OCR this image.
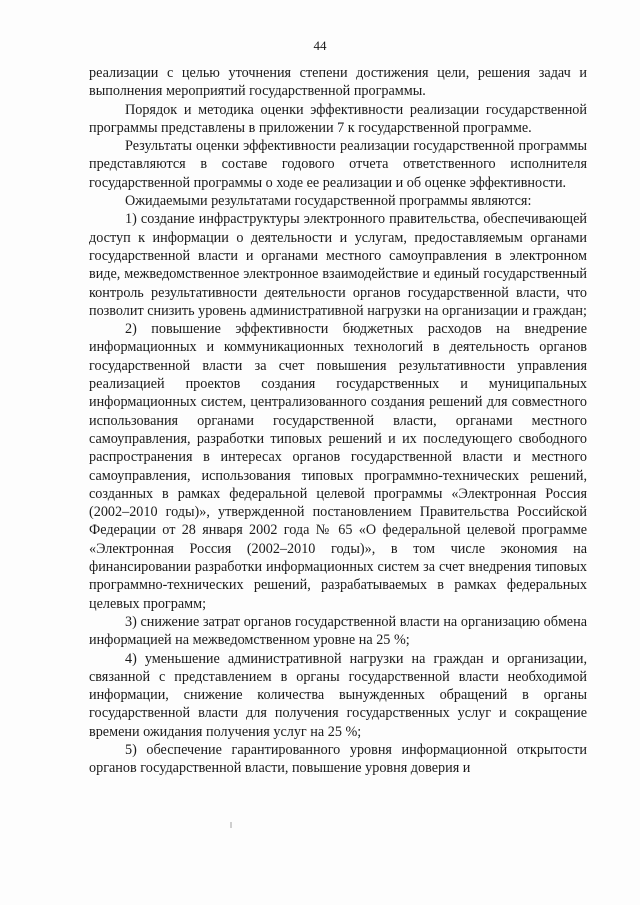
44

реализации с целью уточнения степени достижения цели, решения задач и выполнения мероприятий государственной программы.

Порядок и методика оценки эффективности реализации государственной программы представлены в приложении 7 к государственной программе.

Результаты оценки эффективности реализации государственной программы представляются в составе годового отчета ответственного исполнителя государственной программы о ходе ее реализации и об оценке эффективности.

Ожидаемыми результатами государственной программы являются:

1) создание инфраструктуры электронного правительства, обеспечивающей доступ к информации о деятельности и услугам, предоставляемым органами государственной власти и органами местного самоуправления в электронном виде, межведомственное электронное взаимодействие и единый государственный контроль результативности деятельности органов государственной власти, что позволит снизить уровень административной нагрузки на организации и граждан;

2) повышение эффективности бюджетных расходов на внедрение информационных и коммуникационных технологий в деятельность органов государственной власти за счет повышения результативности управления реализацией проектов создания государственных и муниципальных информационных систем, централизованного создания решений для совместного использования органами государственной власти, органами местного самоуправления, разработки типовых решений и их последующего свободного распространения в интересах органов государственной власти и местного самоуправления, использования типовых программно-технических решений, созданных в рамках федеральной целевой программы «Электронная Россия (2002–2010 годы)», утвержденной постановлением Правительства Российской Федерации от 28 января 2002 года № 65 «О федеральной целевой программе «Электронная Россия (2002–2010 годы)», в том числе экономия на финансировании разработки информационных систем за счет внедрения типовых программно-технических решений, разрабатываемых в рамках федеральных целевых программ;

3) снижение затрат органов государственной власти на организацию обмена информацией на межведомственном уровне на 25 %;

4) уменьшение административной нагрузки на граждан и организации, связанной с представлением в органы государственной власти необходимой информации, снижение количества вынужденных обращений в органы государственной власти для получения государственных услуг и сокращение времени ожидания получения услуг на 25 %;

5) обеспечение гарантированного уровня информационной открытости органов государственной власти, повышение уровня доверия и
